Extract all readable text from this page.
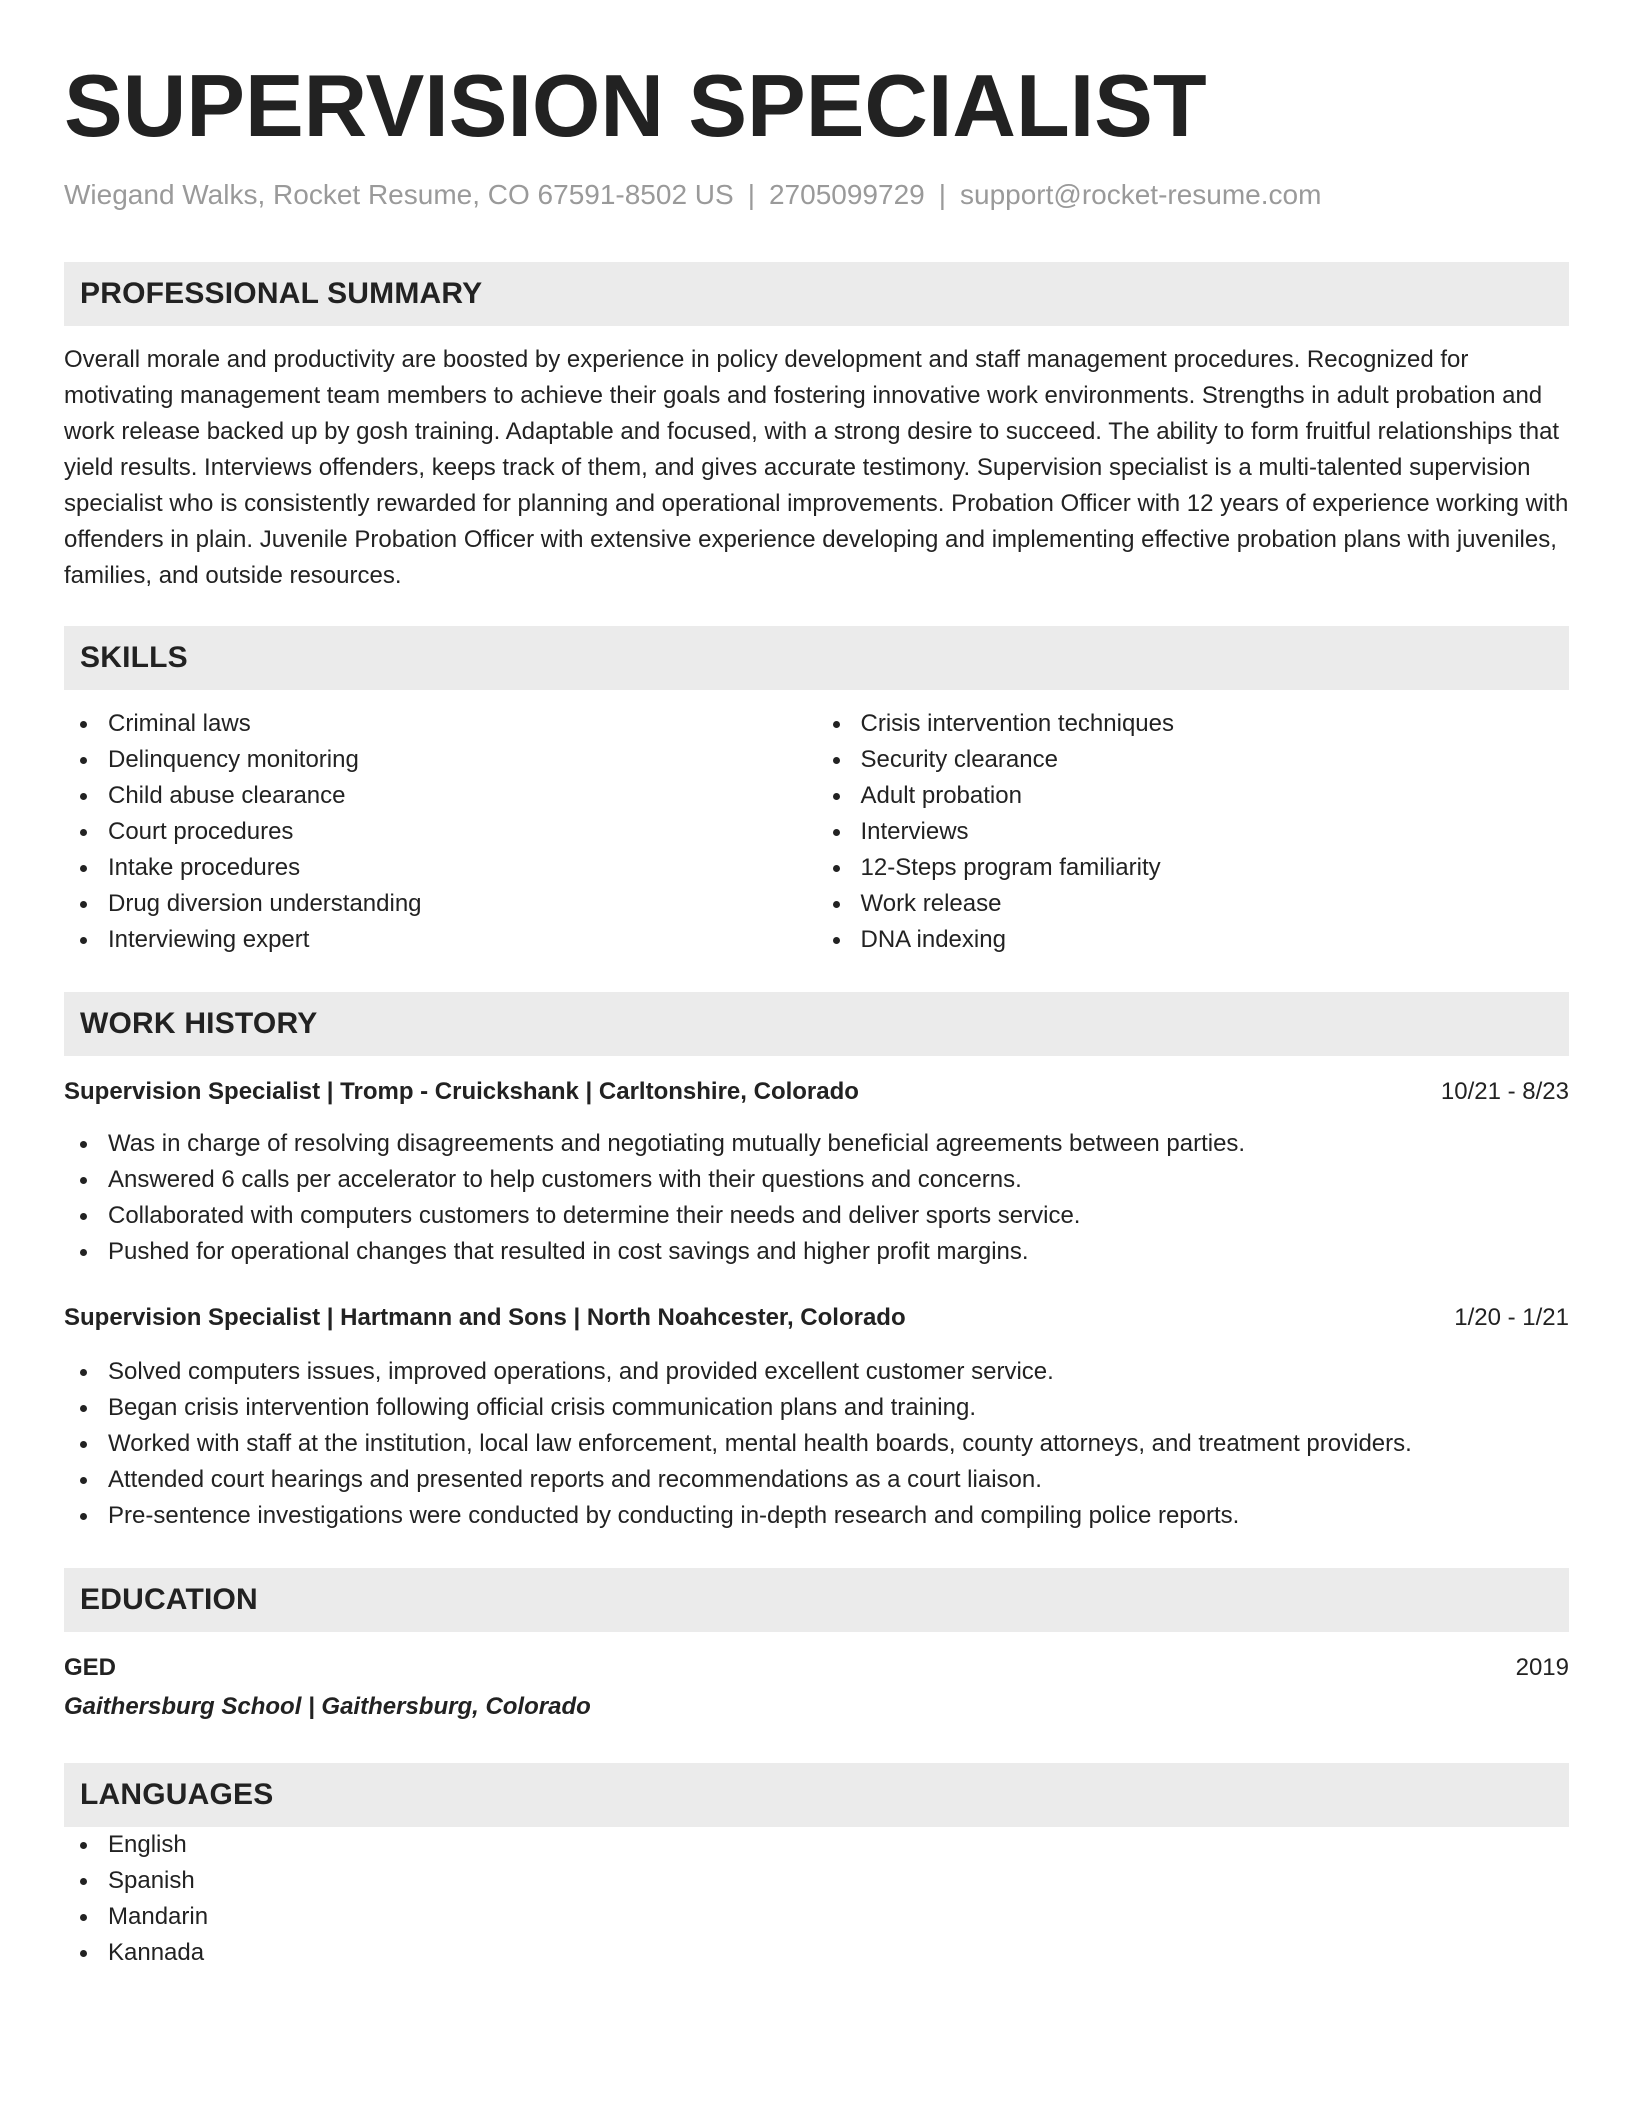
SUPERVISION SPECIALIST
Wiegand Walks, Rocket Resume, CO 67591-8502 US | 2705099729 | support@rocket-resume.com
PROFESSIONAL SUMMARY

Overall morale and productivity are boosted by experience in policy development and staff management procedures. Recognized for motivating management team members to achieve their goals and fostering innovative work environments. Strengths in adult probation and work release backed up by gosh training. Adaptable and focused, with a strong desire to succeed. The ability to form fruitful relationships that yield results. Interviews offenders, keeps track of them, and gives accurate testimony. Supervision specialist is a multi-talented supervision specialist who is consistently rewarded for planning and operational improvements. Probation Officer with 12 years of experience working with offenders in plain. Juvenile Probation Officer with extensive experience developing and implementing effective probation plans with juveniles, families, and outside resources.

SKILLS
Criminal laws
Delinquency monitoring
Child abuse clearance
Court procedures
Intake procedures
Drug diversion understanding
Interviewing expert
Crisis intervention techniques
Security clearance
Adult probation
Interviews
12-Steps program familiarity
Work release
DNA indexing
WORK HISTORY
Supervision Specialist | Tromp - Cruickshank | Carltonshire, Colorado	10/21 - 8/23
Was in charge of resolving disagreements and negotiating mutually beneficial agreements between parties.
Answered 6 calls per accelerator to help customers with their questions and concerns.
Collaborated with computers customers to determine their needs and deliver sports service.
Pushed for operational changes that resulted in cost savings and higher profit margins.
Supervision Specialist | Hartmann and Sons | North Noahcester, Colorado	1/20 - 1/21
Solved computers issues, improved operations, and provided excellent customer service.
Began crisis intervention following official crisis communication plans and training.
Worked with staff at the institution, local law enforcement, mental health boards, county attorneys, and treatment providers.
Attended court hearings and presented reports and recommendations as a court liaison.
Pre-sentence investigations were conducted by conducting in-depth research and compiling police reports.
EDUCATION
GED	2019
Gaithersburg School | Gaithersburg, Colorado
LANGUAGES
English
Spanish
Mandarin
Kannada
